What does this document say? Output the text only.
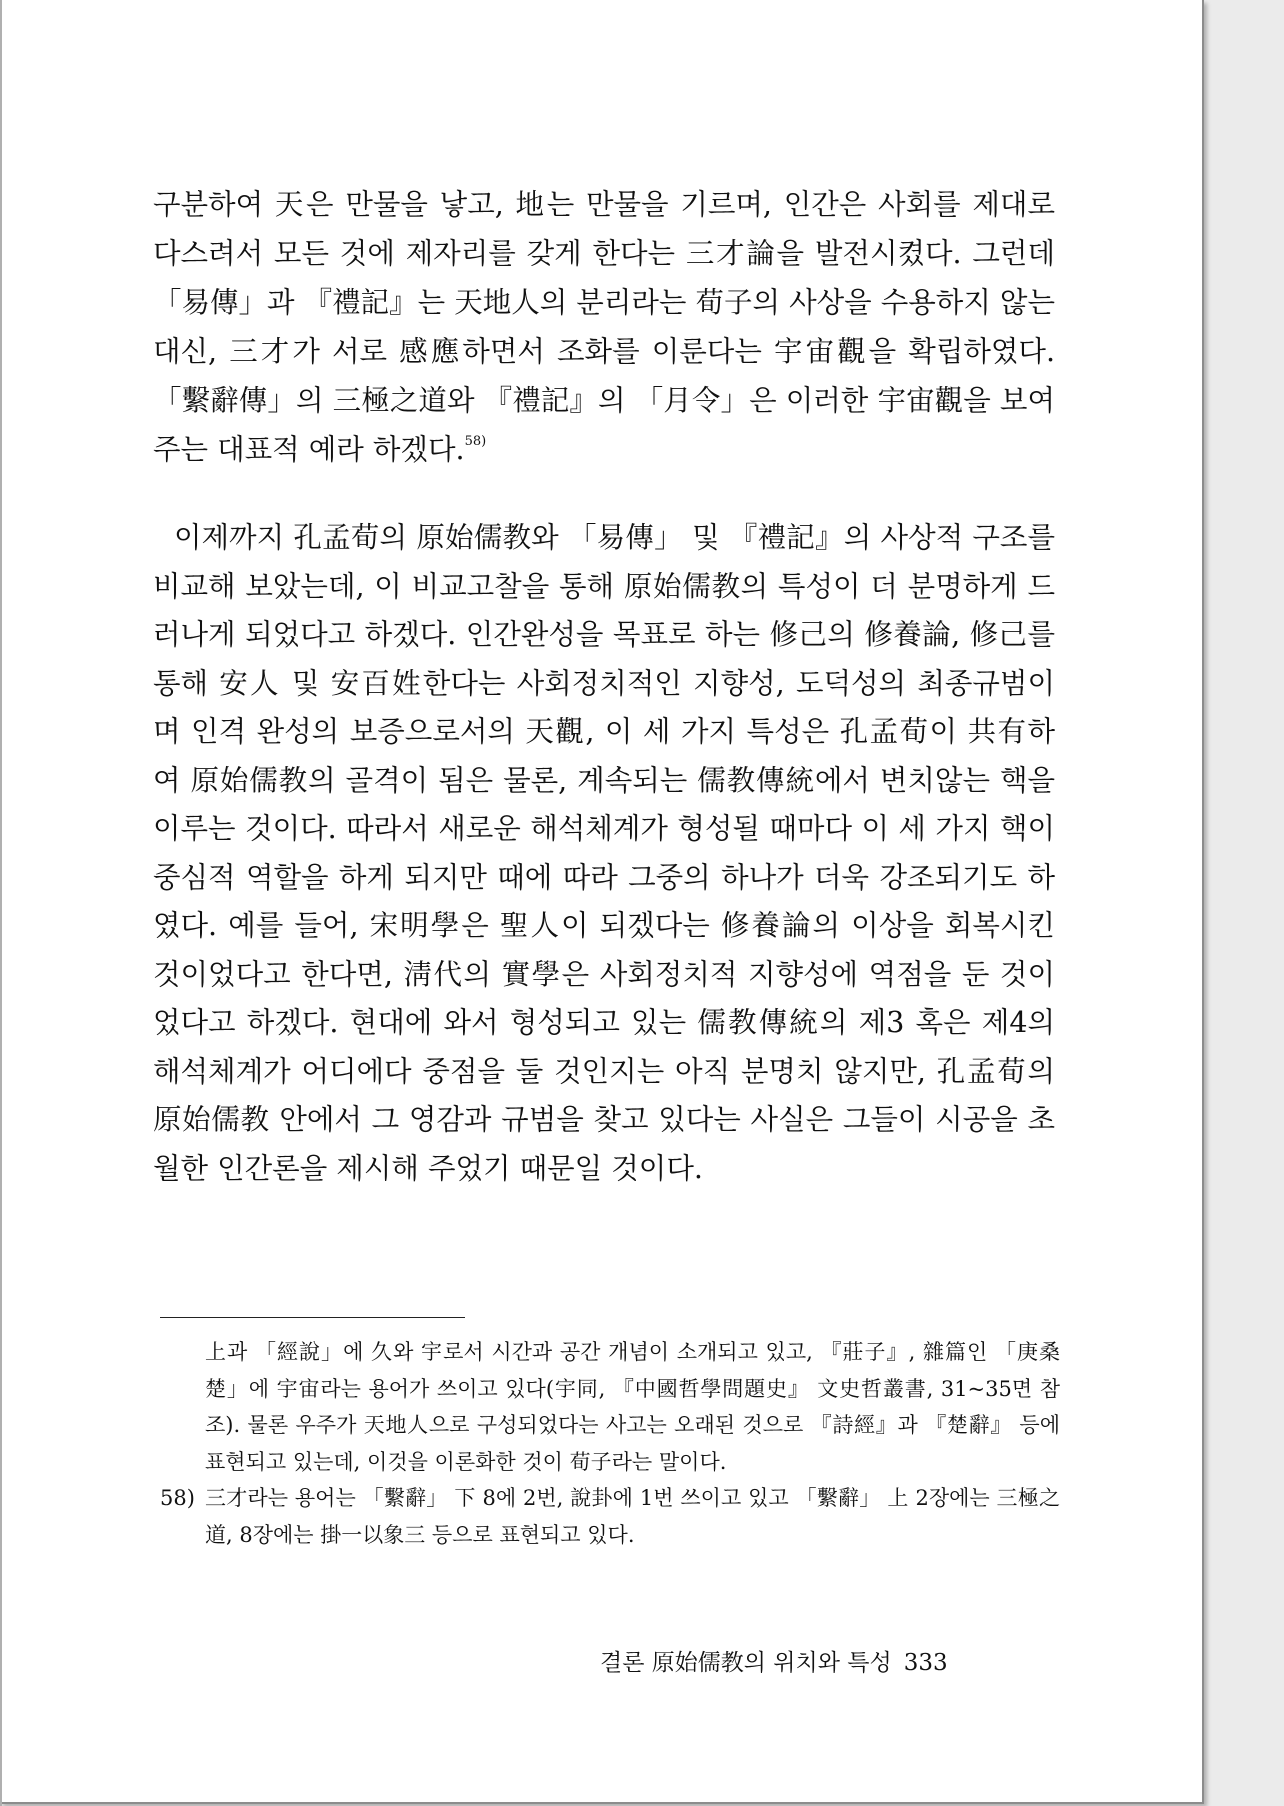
구분하여 天은 만물을 낳고, 地는 만물을 기르며, 인간은 사회를 제대로 다스려서 모든 것에 제자리를 갖게 한다는 三才論을 발전시켰다. 그런데 「易傳」과 『禮記』는 天地人의 분리라는 荀子의 사상을 수용하지 않는 대신, 三才가 서로 感應하면서 조화를 이룬다는 宇宙觀을 확립하였다. 「繫辭傳」의 三極之道와 『禮記』의 「月令」은 이러한 宇宙觀을 보여주는 대표적 예라 하겠다.$^{58)}$

이제까지 孔孟荀의 原始儒教와 「易傳」 및 『禮記』의 사상적 구조를 비교해 보았는데, 이 비교고찰을 통해 原始儒教의 특성이 더 분명하게 드러나게 되었다고 하겠다. 인간완성을 목표로 하는 修己의 修養論, 修己를 통해 安人 및 安百姓한다는 사회정치적인 지향성, 도덕성의 최종규범이며 인격 완성의 보증으로서의 天觀, 이 세 가지 특성은 孔孟荀이 共有하여 原始儒教의 골격이 됨은 물론, 계속되는 儒教傳統에서 변치않는 핵을 이루는 것이다. 따라서 새로운 해석체계가 형성될 때마다 이 세 가지 핵이 중심적 역할을 하게 되지만 때에 따라 그중의 하나가 더욱 강조되기도 하였다. 예를 들어, 宋明學은 聖人이 되겠다는 修養論의 이상을 회복시킨 것이었다고 한다면, 淸代의 實學은 사회정치적 지향성에 역점을 둔 것이었다고 하겠다. 현대에 와서 형성되고 있는 儒教傳統의 제3 혹은 제4의 해석체계가 어디에다 중점을 둘 것인지는 아직 분명치 않지만, 孔孟荀의 原始儒教 안에서 그 영감과 규범을 찾고 있다는 사실은 그들이 시공을 초월한 인간론을 제시해 주었기 때문일 것이다.

上과 「經說」에 久와 宇로서 시간과 공간 개념이 소개되고 있고, 『莊子』, 雜篇인 「庚桑楚」에 宇宙라는 용어가 쓰이고 있다(宇同, 『中國哲學問題史』 文史哲叢書, 31~35면 참조). 물론 우주가 天地人으로 구성되었다는 사고는 오래된 것으로 『詩經』과 『楚辭』 등에 표현되고 있는데, 이것을 이론화한 것이 荀子라는 말이다.

58) 三才라는 용어는 「繫辭」 下 8에 2번, 說卦에 1번 쓰이고 있고 「繫辭」 上 2장에는 三極之道, 8장에는 掛一以象三 등으로 표현되고 있다.
결론 原始儒教의 위치와 특성 333
